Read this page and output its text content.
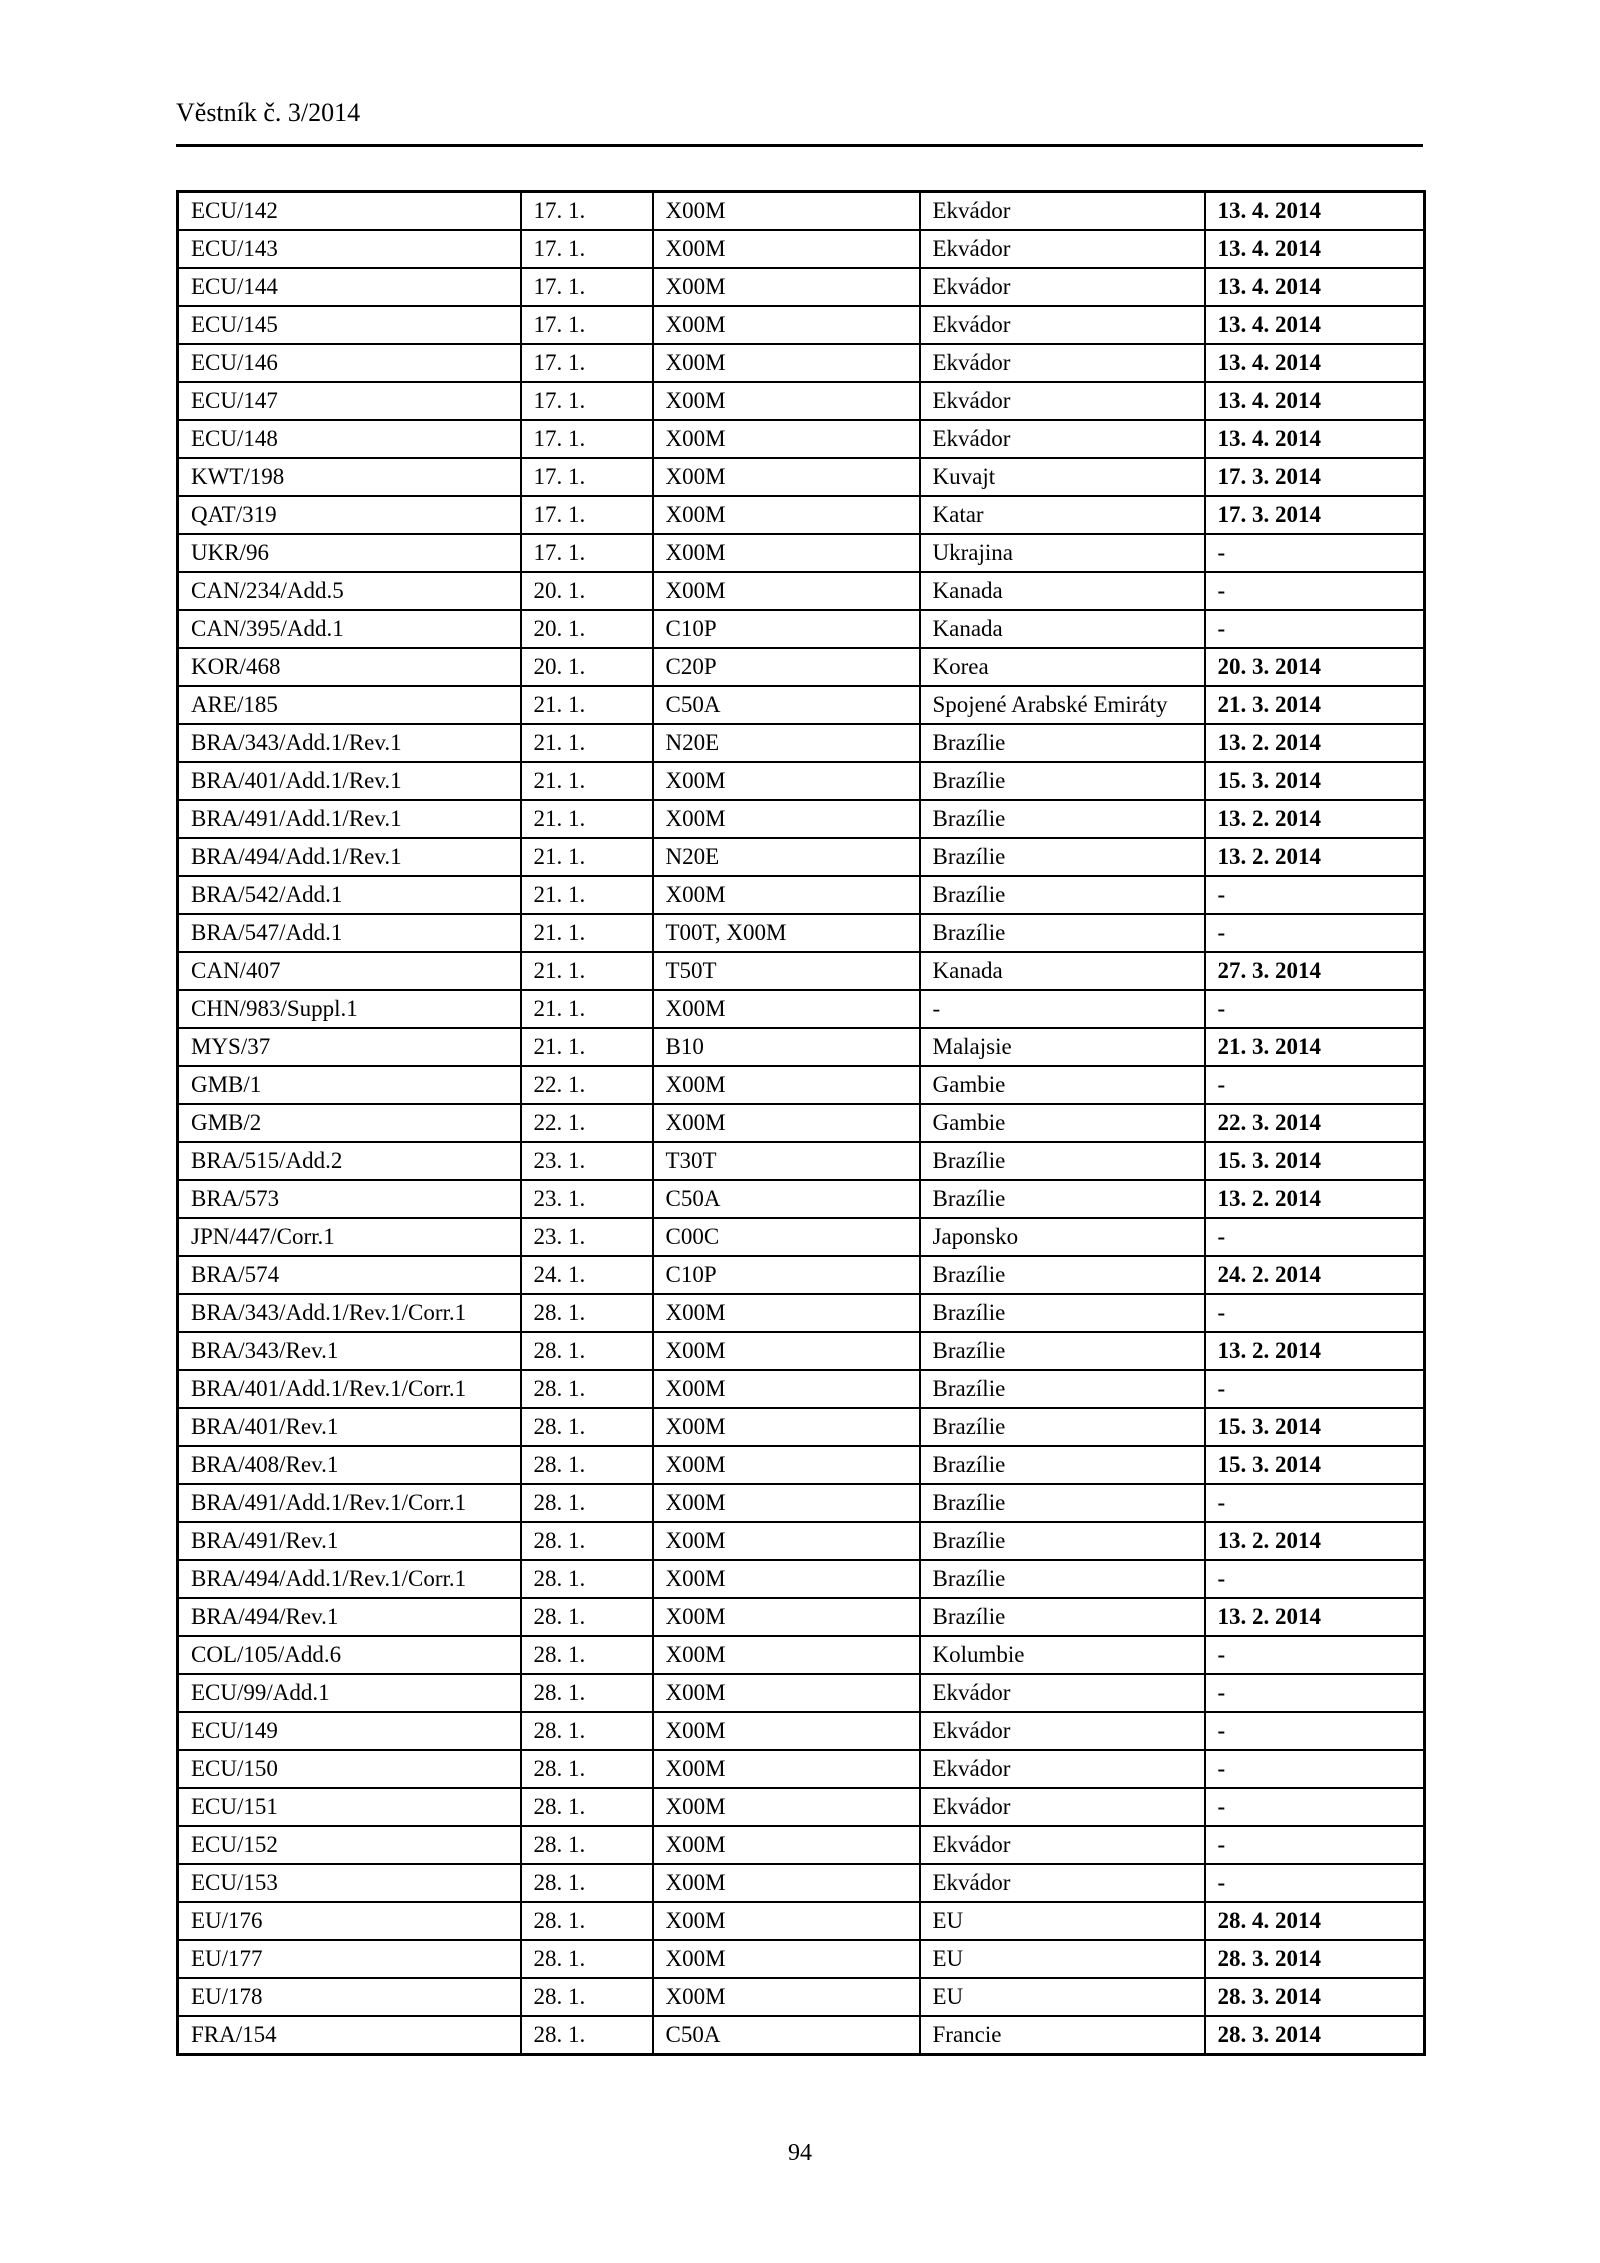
Věstník č. 3/2014
ECU/142	17. 1.	X00M	Ekvádor	13. 4. 2014
ECU/143	17. 1.	X00M	Ekvádor	13. 4. 2014
ECU/144	17. 1.	X00M	Ekvádor	13. 4. 2014
ECU/145	17. 1.	X00M	Ekvádor	13. 4. 2014
ECU/146	17. 1.	X00M	Ekvádor	13. 4. 2014
ECU/147	17. 1.	X00M	Ekvádor	13. 4. 2014
ECU/148	17. 1.	X00M	Ekvádor	13. 4. 2014
KWT/198	17. 1.	X00M	Kuvajt	17. 3. 2014
QAT/319	17. 1.	X00M	Katar	17. 3. 2014
UKR/96	17. 1.	X00M	Ukrajina	-
CAN/234/Add.5	20. 1.	X00M	Kanada	-
CAN/395/Add.1	20. 1.	C10P	Kanada	-
KOR/468	20. 1.	C20P	Korea	20. 3. 2014
ARE/185	21. 1.	C50A	Spojené Arabské Emiráty	21. 3. 2014
BRA/343/Add.1/Rev.1	21. 1.	N20E	Brazílie	13. 2. 2014
BRA/401/Add.1/Rev.1	21. 1.	X00M	Brazílie	15. 3. 2014
BRA/491/Add.1/Rev.1	21. 1.	X00M	Brazílie	13. 2. 2014
BRA/494/Add.1/Rev.1	21. 1.	N20E	Brazílie	13. 2. 2014
BRA/542/Add.1	21. 1.	X00M	Brazílie	-
BRA/547/Add.1	21. 1.	T00T, X00M	Brazílie	-
CAN/407	21. 1.	T50T	Kanada	27. 3. 2014
CHN/983/Suppl.1	21. 1.	X00M	-	-
MYS/37	21. 1.	B10	Malajsie	21. 3. 2014
GMB/1	22. 1.	X00M	Gambie	-
GMB/2	22. 1.	X00M	Gambie	22. 3. 2014
BRA/515/Add.2	23. 1.	T30T	Brazílie	15. 3. 2014
BRA/573	23. 1.	C50A	Brazílie	13. 2. 2014
JPN/447/Corr.1	23. 1.	C00C	Japonsko	-
BRA/574	24. 1.	C10P	Brazílie	24. 2. 2014
BRA/343/Add.1/Rev.1/Corr.1	28. 1.	X00M	Brazílie	-
BRA/343/Rev.1	28. 1.	X00M	Brazílie	13. 2. 2014
BRA/401/Add.1/Rev.1/Corr.1	28. 1.	X00M	Brazílie	-
BRA/401/Rev.1	28. 1.	X00M	Brazílie	15. 3. 2014
BRA/408/Rev.1	28. 1.	X00M	Brazílie	15. 3. 2014
BRA/491/Add.1/Rev.1/Corr.1	28. 1.	X00M	Brazílie	-
BRA/491/Rev.1	28. 1.	X00M	Brazílie	13. 2. 2014
BRA/494/Add.1/Rev.1/Corr.1	28. 1.	X00M	Brazílie	-
BRA/494/Rev.1	28. 1.	X00M	Brazílie	13. 2. 2014
COL/105/Add.6	28. 1.	X00M	Kolumbie	-
ECU/99/Add.1	28. 1.	X00M	Ekvádor	-
ECU/149	28. 1.	X00M	Ekvádor	-
ECU/150	28. 1.	X00M	Ekvádor	-
ECU/151	28. 1.	X00M	Ekvádor	-
ECU/152	28. 1.	X00M	Ekvádor	-
ECU/153	28. 1.	X00M	Ekvádor	-
EU/176	28. 1.	X00M	EU	28. 4. 2014
EU/177	28. 1.	X00M	EU	28. 3. 2014
EU/178	28. 1.	X00M	EU	28. 3. 2014
FRA/154	28. 1.	C50A	Francie	28. 3. 2014
94
